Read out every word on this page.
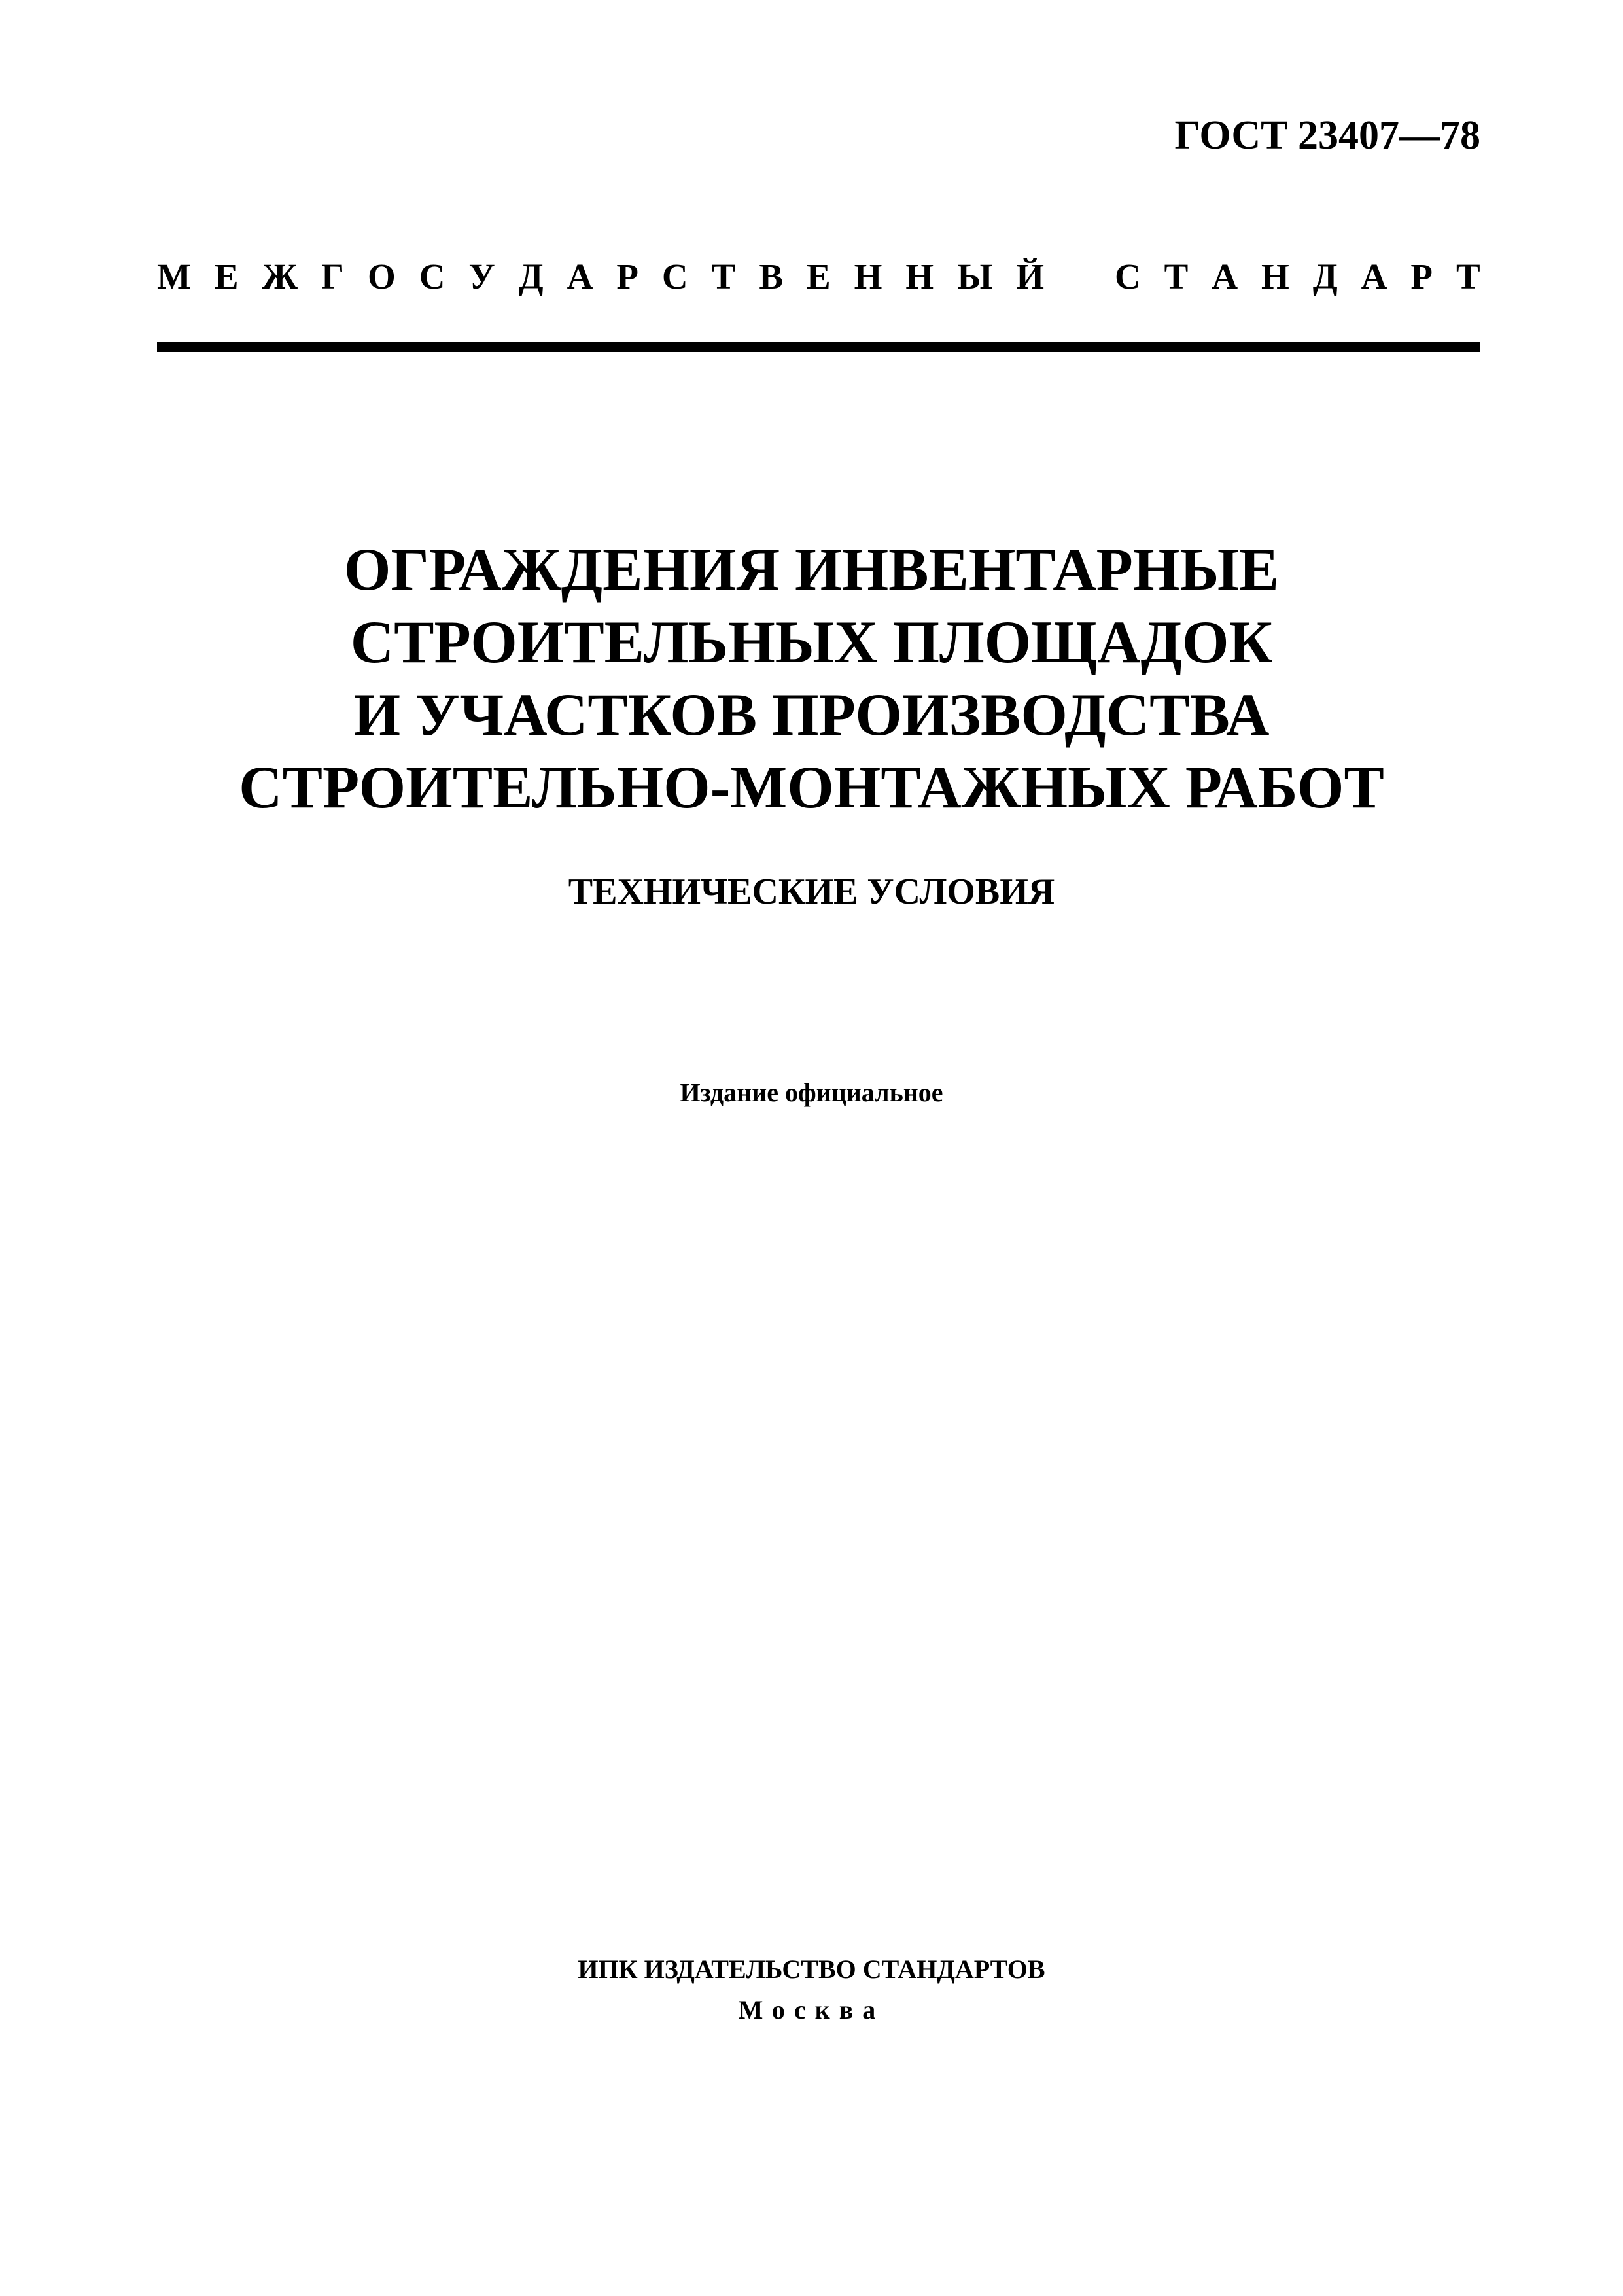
ГОСТ 23407—78
М Е Ж Г О С У Д А Р С Т В Е Н Н Ы Й С Т А Н Д А Р Т
ОГРАЖДЕНИЯ ИНВЕНТАРНЫЕ
СТРОИТЕЛЬНЫХ ПЛОЩАДОК
И УЧАСТКОВ ПРОИЗВОДСТВА
СТРОИТЕЛЬНО-МОНТАЖНЫХ РАБОТ
ТЕХНИЧЕСКИЕ УСЛОВИЯ
Издание официальное
ИПК ИЗДАТЕЛЬСТВО СТАНДАРТОВ
Москва
